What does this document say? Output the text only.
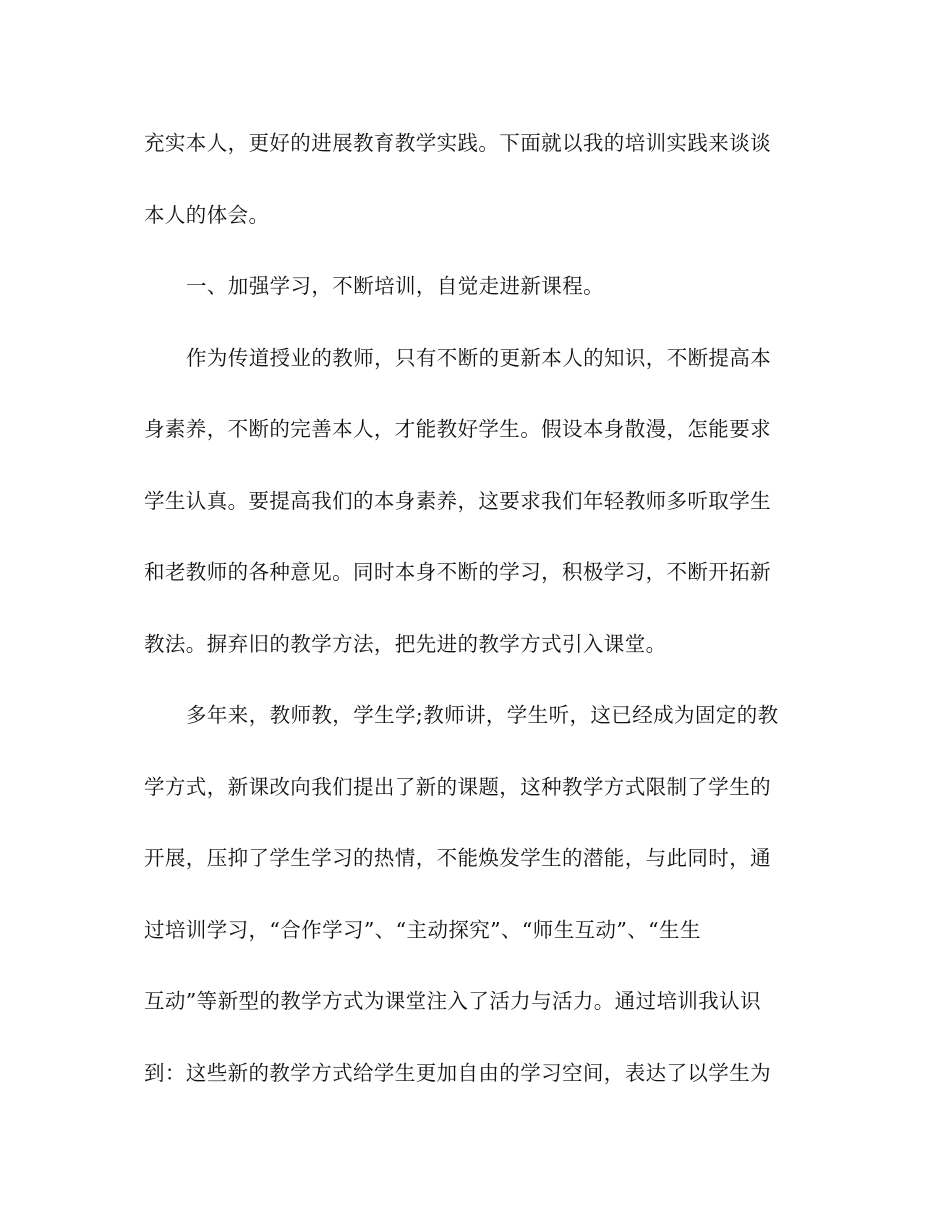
充实本人，更好的进展教育教学实践。下面就以我的培训实践来谈谈
本人的体会。
一、加强学习，不断培训，自觉走进新课程。
作为传道授业的教师，只有不断的更新本人的知识，不断提高本
身素养，不断的完善本人，才能教好学生。假设本身散漫，怎能要求
学生认真。要提高我们的本身素养，这要求我们年轻教师多听取学生
和老教师的各种意见。同时本身不断的学习，积极学习，不断开拓新
教法。摒弃旧的教学方法，把先进的教学方式引入课堂。
多年来，教师教，学生学;教师讲，学生听，这已经成为固定的教
学方式，新课改向我们提出了新的课题，这种教学方式限制了学生的
开展，压抑了学生学习的热情，不能焕发学生的潜能，与此同时，通
过培训学习，“合作学习”、“主动探究”、“师生互动”、“生生
互动”等新型的教学方式为课堂注入了活力与活力。通过培训我认识
到：这些新的教学方式给学生更加自由的学习空间，表达了以学生为
